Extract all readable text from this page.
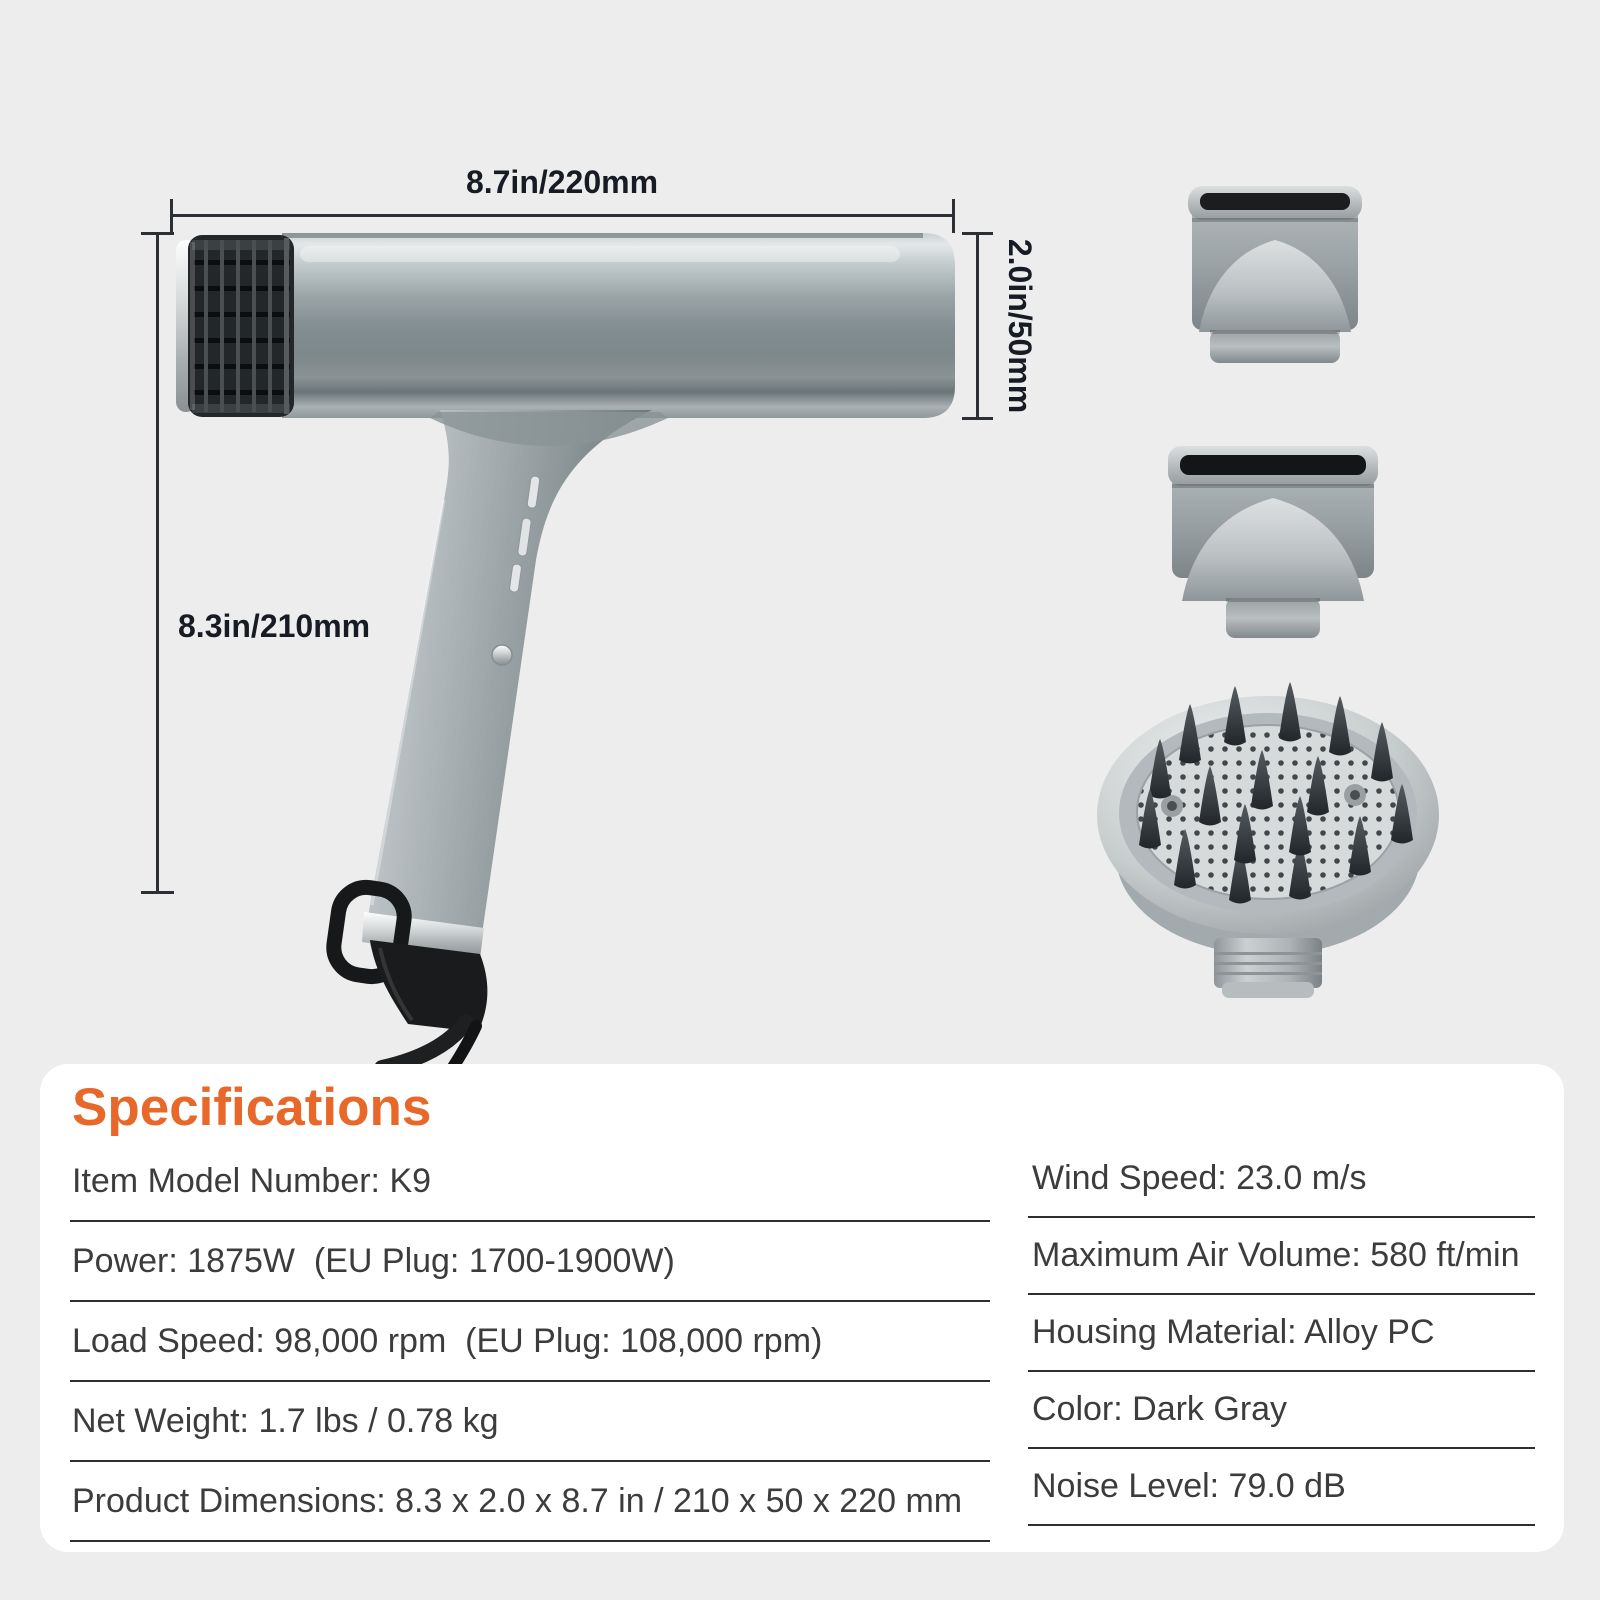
8.7in/220mm
8.3in/210mm
2.0in/50mm
Specifications
Item Model Number: K9
Power: 1875W  (EU Plug: 1700-1900W)
Load Speed: 98,000 rpm  (EU Plug: 108,000 rpm)
Net Weight: 1.7 lbs / 0.78 kg
Product Dimensions: 8.3 x 2.0 x 8.7 in / 210 x 50 x 220 mm
Wind Speed: 23.0 m/s
Maximum Air Volume: 580 ft/min
Housing Material: Alloy PC
Color: Dark Gray
Noise Level: 79.0 dB
